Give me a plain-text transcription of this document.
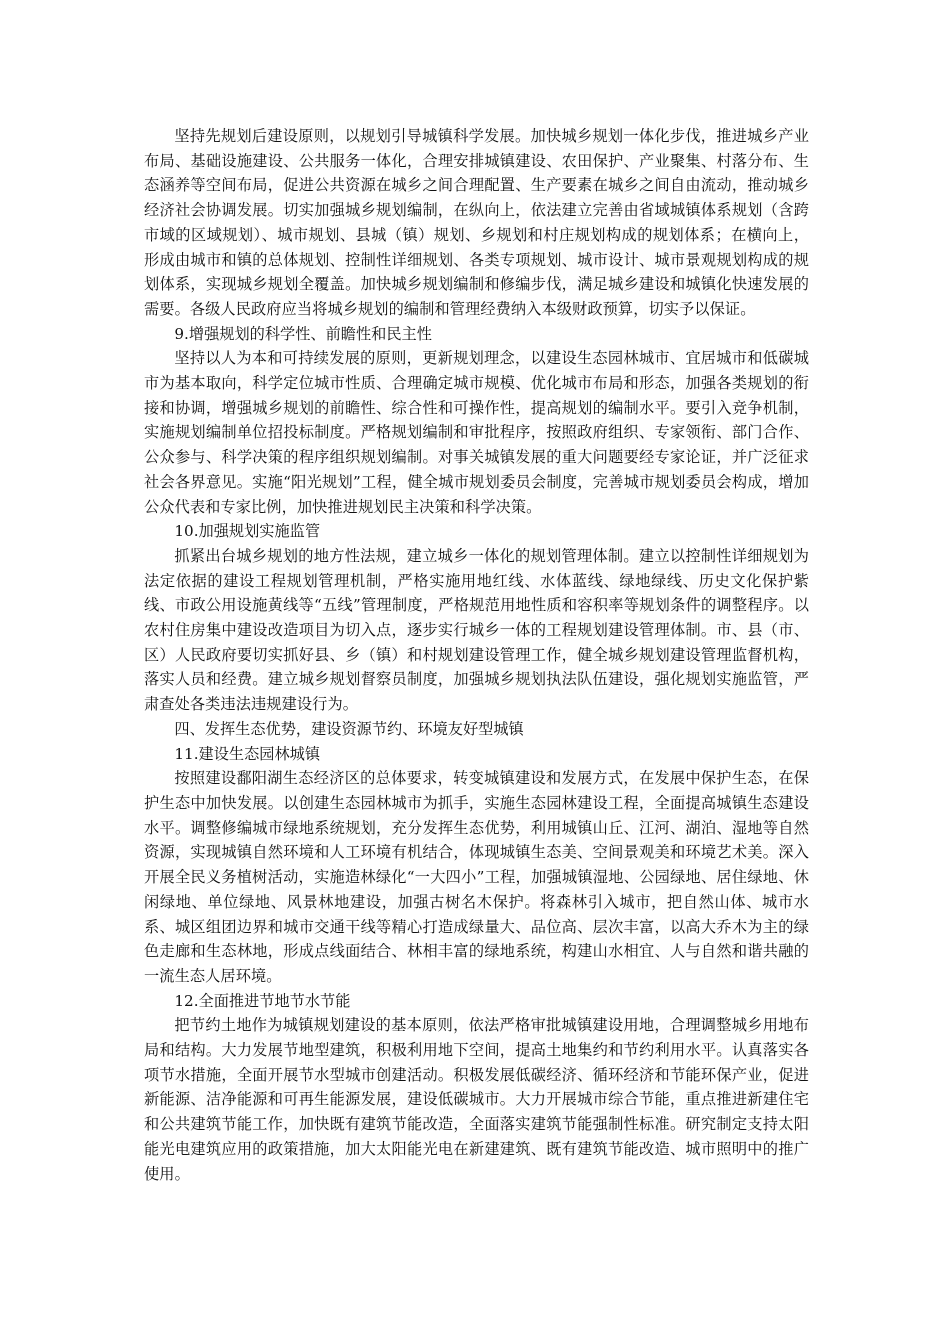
坚持先规划后建设原则，以规划引导城镇科学发展。加快城乡规划一体化步伐，推进城乡产业布局、基础设施建设、公共服务一体化，合理安排城镇建设、农田保护、产业聚集、村落分布、生态涵养等空间布局，促进公共资源在城乡之间合理配置、生产要素在城乡之间自由流动，推动城乡经济社会协调发展。切实加强城乡规划编制，在纵向上，依法建立完善由省域城镇体系规划（含跨市域的区域规划）、城市规划、县城（镇）规划、乡规划和村庄规划构成的规划体系；在横向上，形成由城市和镇的总体规划、控制性详细规划、各类专项规划、城市设计、城市景观规划构成的规划体系，实现城乡规划全覆盖。加快城乡规划编制和修编步伐，满足城乡建设和城镇化快速发展的需要。各级人民政府应当将城乡规划的编制和管理经费纳入本级财政预算，切实予以保证。

9.增强规划的科学性、前瞻性和民主性

坚持以人为本和可持续发展的原则，更新规划理念，以建设生态园林城市、宜居城市和低碳城市为基本取向，科学定位城市性质、合理确定城市规模、优化城市布局和形态，加强各类规划的衔接和协调，增强城乡规划的前瞻性、综合性和可操作性，提高规划的编制水平。要引入竞争机制，实施规划编制单位招投标制度。严格规划编制和审批程序，按照政府组织、专家领衔、部门合作、公众参与、科学决策的程序组织规划编制。对事关城镇发展的重大问题要经专家论证，并广泛征求社会各界意见。实施“阳光规划”工程，健全城市规划委员会制度，完善城市规划委员会构成，增加公众代表和专家比例，加快推进规划民主决策和科学决策。

10.加强规划实施监管

抓紧出台城乡规划的地方性法规，建立城乡一体化的规划管理体制。建立以控制性详细规划为法定依据的建设工程规划管理机制，严格实施用地红线、水体蓝线、绿地绿线、历史文化保护紫线、市政公用设施黄线等“五线”管理制度，严格规范用地性质和容积率等规划条件的调整程序。以农村住房集中建设改造项目为切入点，逐步实行城乡一体的工程规划建设管理体制。市、县（市、区）人民政府要切实抓好县、乡（镇）和村规划建设管理工作，健全城乡规划建设管理监督机构，落实人员和经费。建立城乡规划督察员制度，加强城乡规划执法队伍建设，强化规划实施监管，严肃查处各类违法违规建设行为。

四、发挥生态优势，建设资源节约、环境友好型城镇

11.建设生态园林城镇

按照建设鄱阳湖生态经济区的总体要求，转变城镇建设和发展方式，在发展中保护生态，在保护生态中加快发展。以创建生态园林城市为抓手，实施生态园林建设工程，全面提高城镇生态建设水平。调整修编城市绿地系统规划，充分发挥生态优势，利用城镇山丘、江河、湖泊、湿地等自然资源，实现城镇自然环境和人工环境有机结合，体现城镇生态美、空间景观美和环境艺术美。深入开展全民义务植树活动，实施造林绿化“一大四小”工程，加强城镇湿地、公园绿地、居住绿地、休闲绿地、单位绿地、风景林地建设，加强古树名木保护。将森林引入城市，把自然山体、城市水系、城区组团边界和城市交通干线等精心打造成绿量大、品位高、层次丰富，以高大乔木为主的绿色走廊和生态林地，形成点线面结合、林相丰富的绿地系统，构建山水相宜、人与自然和谐共融的一流生态人居环境。

12.全面推进节地节水节能

把节约土地作为城镇规划建设的基本原则，依法严格审批城镇建设用地，合理调整城乡用地布局和结构。大力发展节地型建筑，积极利用地下空间，提高土地集约和节约利用水平。认真落实各项节水措施，全面开展节水型城市创建活动。积极发展低碳经济、循环经济和节能环保产业，促进新能源、洁净能源和可再生能源发展，建设低碳城市。大力开展城市综合节能，重点推进新建住宅和公共建筑节能工作，加快既有建筑节能改造，全面落实建筑节能强制性标准。研究制定支持太阳能光电建筑应用的政策措施，加大太阳能光电在新建建筑、既有建筑节能改造、城市照明中的推广使用。
